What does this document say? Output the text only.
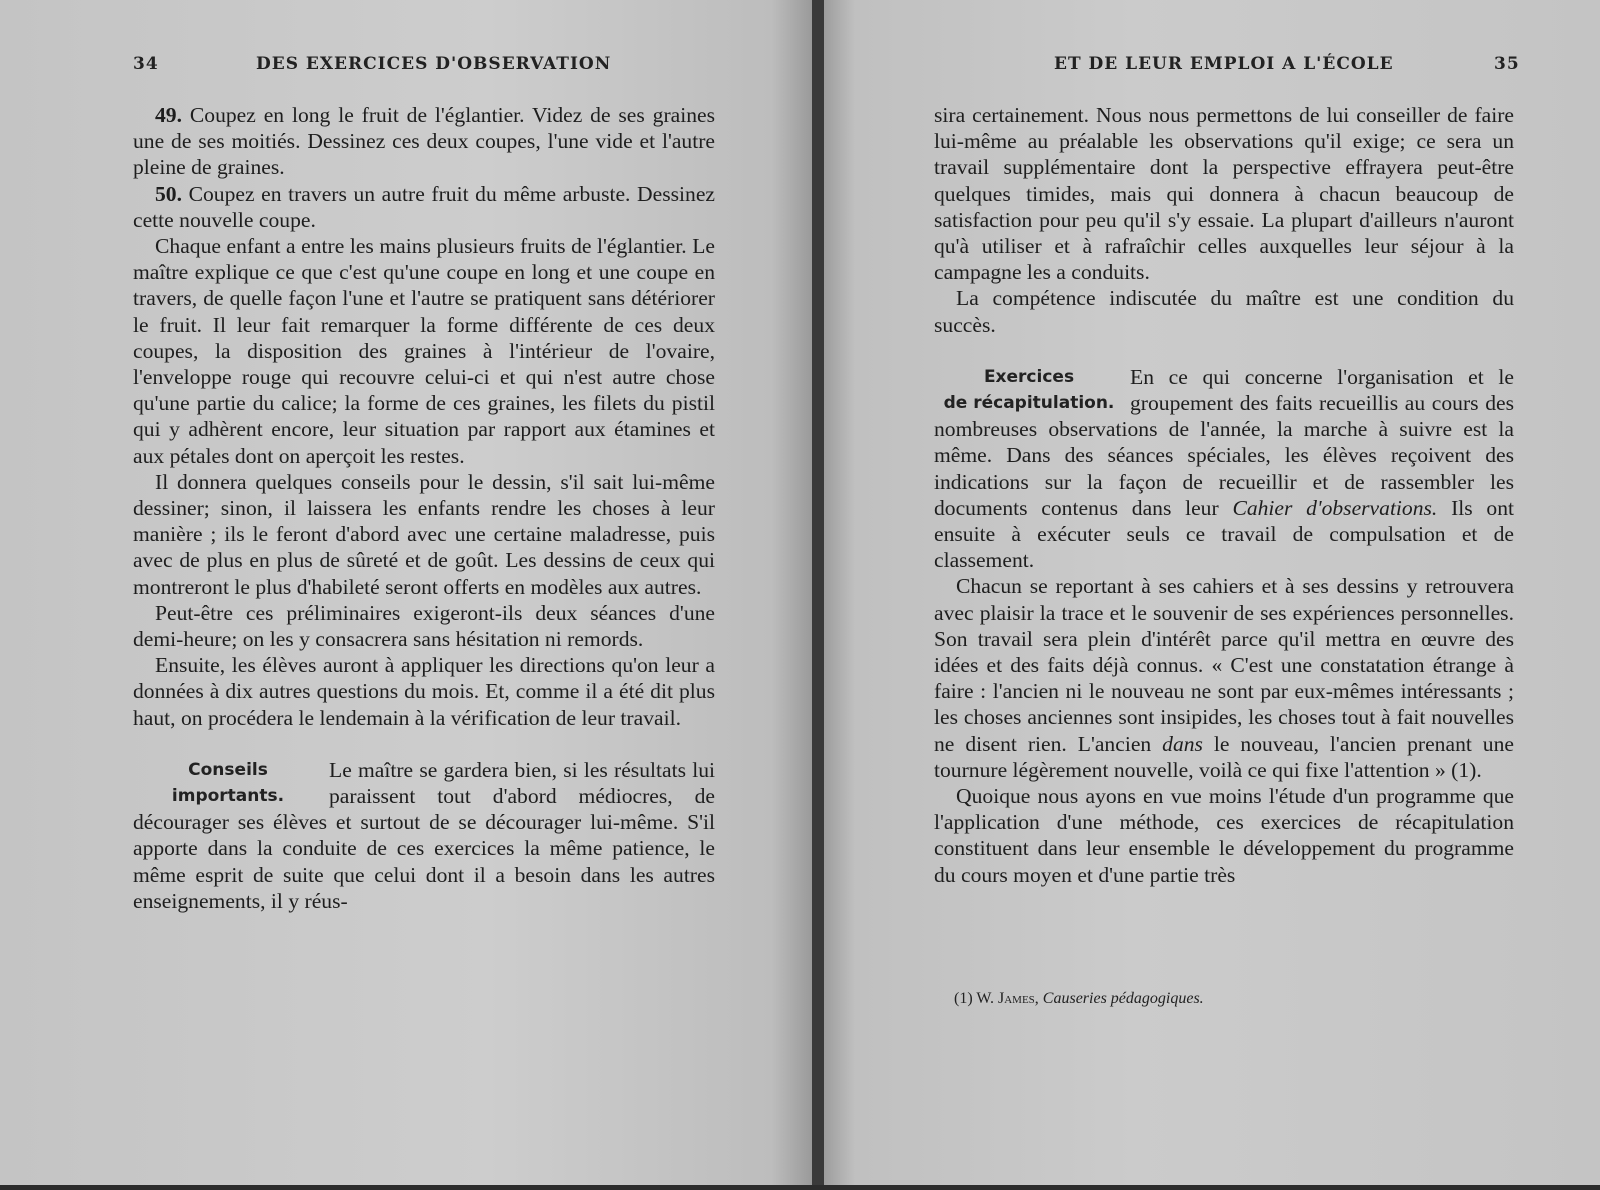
34	DES EXERCICES D'OBSERVATION

49. Coupez en long le fruit de l'églantier. Videz de ses graines une de ses moitiés. Dessinez ces deux coupes, l'une vide et l'autre pleine de graines.

50. Coupez en travers un autre fruit du même arbuste. Dessinez cette nouvelle coupe.

Chaque enfant a entre les mains plusieurs fruits de l'églantier. Le maître explique ce que c'est qu'une coupe en long et une coupe en travers, de quelle façon l'une et l'autre se pratiquent sans détériorer le fruit. Il leur fait remarquer la forme différente de ces deux coupes, la disposition des graines à l'intérieur de l'ovaire, l'enveloppe rouge qui recouvre celui-ci et qui n'est autre chose qu'une partie du calice; la forme de ces graines, les filets du pistil qui y adhèrent encore, leur situation par rapport aux étamines et aux pétales dont on aperçoit les restes.

Il donnera quelques conseils pour le dessin, s'il sait lui-même dessiner; sinon, il laissera les enfants rendre les choses à leur manière ; ils le feront d'abord avec une certaine maladresse, puis avec de plus en plus de sûreté et de goût. Les dessins de ceux qui montreront le plus d'habileté seront offerts en modèles aux autres.

Peut-être ces préliminaires exigeront-ils deux séances d'une demi-heure; on les y consacrera sans hésitation ni remords.

Ensuite, les élèves auront à appliquer les directions qu'on leur a données à dix autres questions du mois. Et, comme il a été dit plus haut, on procédera le lendemain à la vérification de leur travail.

Conseils
importants.
Le maître se gardera bien, si les résultats lui paraissent tout d'abord médiocres, de décourager ses élèves et surtout de se décourager lui-même. S'il apporte dans la conduite de ces exercices la même patience, le même esprit de suite que celui dont il a besoin dans les autres enseignements, il y réus-

ET DE LEUR EMPLOI A L'ÉCOLE	35

sira certainement. Nous nous permettons de lui conseiller de faire lui-même au préalable les observations qu'il exige; ce sera un travail supplémentaire dont la perspective effrayera peut-être quelques timides, mais qui donnera à chacun beaucoup de satisfaction pour peu qu'il s'y essaie. La plupart d'ailleurs n'auront qu'à utiliser et à rafraîchir celles auxquelles leur séjour à la campagne les a conduits.

La compétence indiscutée du maître est une condition du succès.

Exercices
de récapitulation.
En ce qui concerne l'organisation et le groupement des faits recueillis au cours des nombreuses observations de l'année, la marche à suivre est la même. Dans des séances spéciales, les élèves reçoivent des indications sur la façon de recueillir et de rassembler les documents contenus dans leur Cahier d'observations. Ils ont ensuite à exécuter seuls ce travail de compulsation et de classement.

Chacun se reportant à ses cahiers et à ses dessins y retrouvera avec plaisir la trace et le souvenir de ses expériences personnelles. Son travail sera plein d'intérêt parce qu'il mettra en œuvre des idées et des faits déjà connus. « C'est une constatation étrange à faire : l'ancien ni le nouveau ne sont par eux-mêmes intéressants ; les choses anciennes sont insipides, les choses tout à fait nouvelles ne disent rien. L'ancien dans le nouveau, l'ancien prenant une tournure légèrement nouvelle, voilà ce qui fixe l'attention » (1).

Quoique nous ayons en vue moins l'étude d'un programme que l'application d'une méthode, ces exercices de récapitulation constituent dans leur ensemble le développement du programme du cours moyen et d'une partie très

(1) W. James, Causeries pédagogiques.
